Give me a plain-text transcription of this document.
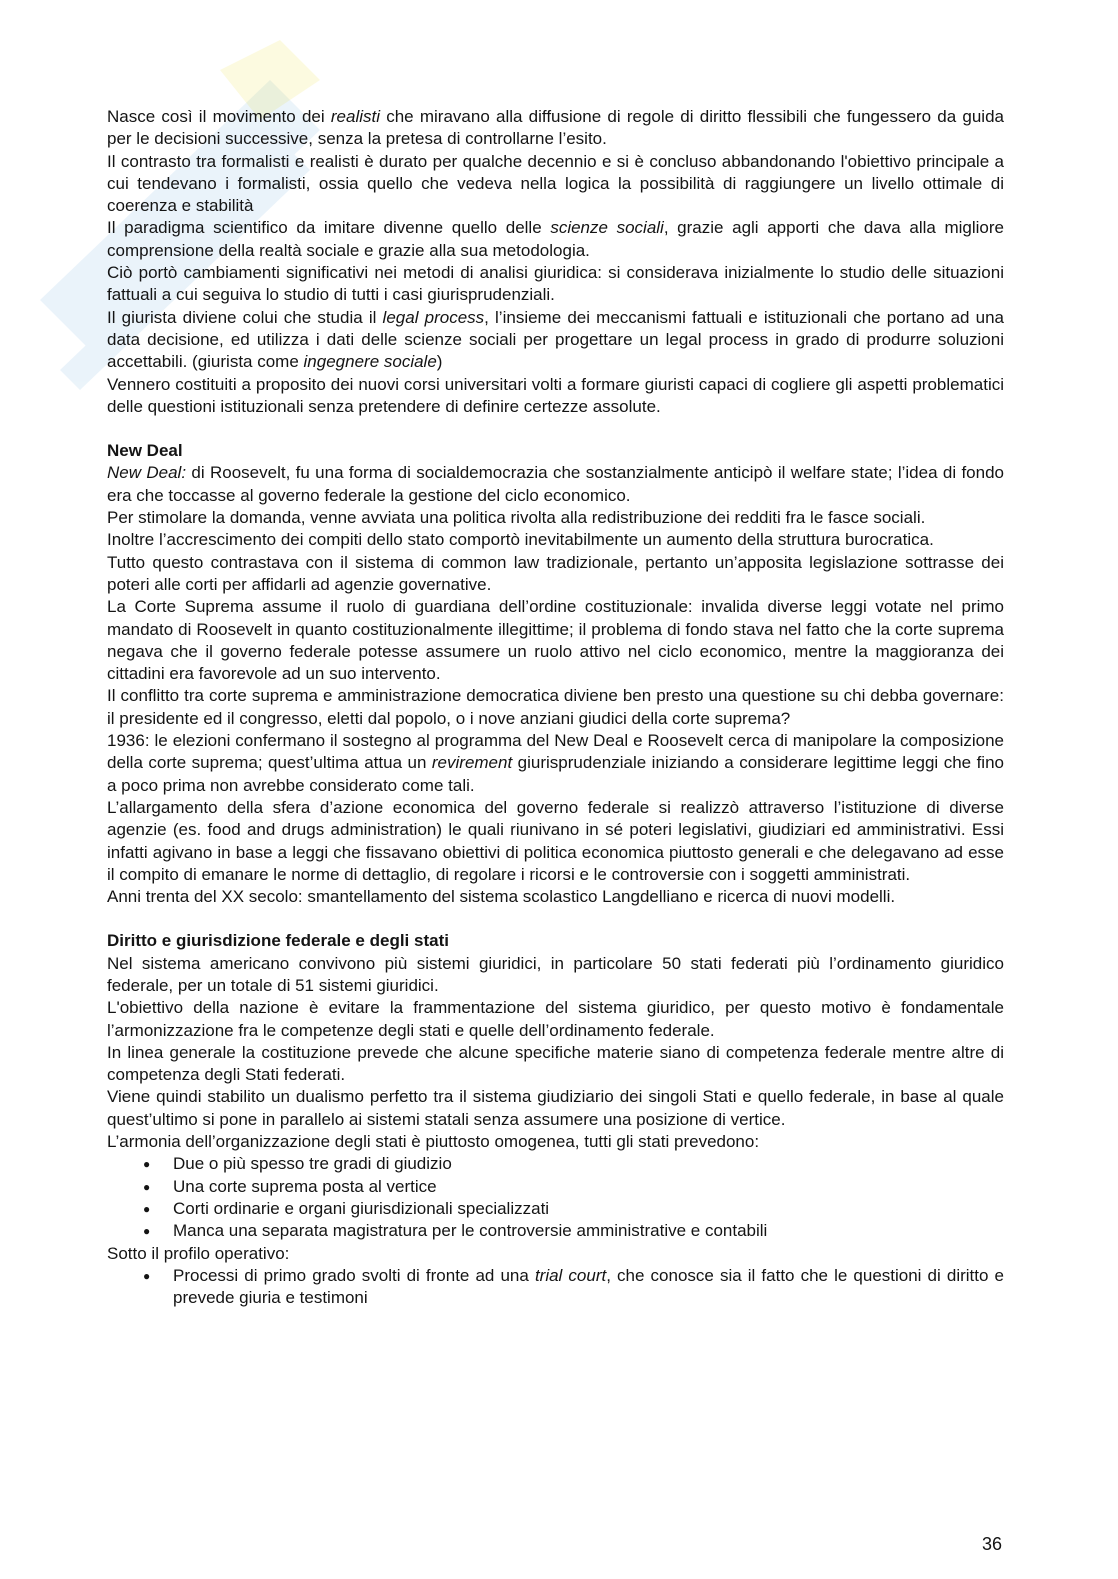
Nasce così il movimento dei realisti che miravano alla diffusione di regole di diritto flessibili che fungessero da guida per le decisioni successive, senza la pretesa di controllarne l’esito.

Il contrasto tra formalisti e realisti è durato per qualche decennio e si è concluso abbandonando l'obiettivo principale a cui tendevano i formalisti, ossia quello che vedeva nella logica la possibilità di raggiungere un livello ottimale di coerenza e stabilità

Il paradigma scientifico da imitare divenne quello delle scienze sociali, grazie agli apporti che dava alla migliore comprensione della realtà sociale e grazie alla sua metodologia.

Ciò portò cambiamenti significativi nei metodi di analisi giuridica: si considerava inizialmente lo studio delle situazioni fattuali a cui seguiva lo studio di tutti i casi giurisprudenziali.

Il giurista diviene colui che studia il legal process, l’insieme dei meccanismi fattuali e istituzionali che portano ad una data decisione, ed utilizza i dati delle scienze sociali per progettare un legal process in grado di produrre soluzioni accettabili. (giurista come ingegnere sociale)

Vennero costituiti a proposito dei nuovi corsi universitari volti a formare giuristi capaci di cogliere gli aspetti problematici delle questioni istituzionali senza pretendere di definire certezze assolute.

New Deal

New Deal: di Roosevelt, fu una forma di socialdemocrazia che sostanzialmente anticipò il welfare state; l’idea di fondo era che toccasse al governo federale la gestione del ciclo economico.

Per stimolare la domanda, venne avviata una politica rivolta alla redistribuzione dei redditi fra le fasce sociali.

Inoltre l’accrescimento dei compiti dello stato comportò inevitabilmente un aumento della struttura burocratica.

Tutto questo contrastava con il sistema di common law tradizionale, pertanto un’apposita legislazione sottrasse dei poteri alle corti per affidarli ad agenzie governative.

La Corte Suprema assume il ruolo di guardiana dell’ordine costituzionale: invalida diverse leggi votate nel primo mandato di Roosevelt in quanto costituzionalmente illegittime; il problema di fondo stava nel fatto che la corte suprema negava che il governo federale potesse assumere un ruolo attivo nel ciclo economico, mentre la maggioranza dei cittadini era favorevole ad un suo intervento.

Il conflitto tra corte suprema e amministrazione democratica diviene ben presto una questione su chi debba governare: il presidente ed il congresso, eletti dal popolo, o i nove anziani giudici della corte suprema?

1936: le elezioni confermano il sostegno al programma del New Deal e Roosevelt cerca di manipolare la composizione della corte suprema; quest’ultima attua un revirement giurisprudenziale iniziando a considerare legittime leggi che fino a poco prima non avrebbe considerato come tali.

L’allargamento della sfera d’azione economica del governo federale si realizzò attraverso l’istituzione di diverse agenzie (es. food and drugs administration) le quali riunivano in sé poteri legislativi, giudiziari ed amministrativi. Essi infatti agivano in base a leggi che fissavano obiettivi di politica economica piuttosto generali e che delegavano ad esse il compito di emanare le norme di dettaglio, di regolare i ricorsi e le controversie con i soggetti amministrati.

Anni trenta del XX secolo: smantellamento del sistema scolastico Langdelliano e ricerca di nuovi modelli.

Diritto e giurisdizione federale e degli stati

Nel sistema americano convivono più sistemi giuridici, in particolare 50 stati federati più l’ordinamento giuridico federale, per un totale di 51 sistemi giuridici.

L'obiettivo della nazione è evitare la frammentazione del sistema giuridico, per questo motivo è fondamentale l’armonizzazione fra le competenze degli stati e quelle dell’ordinamento federale.

In linea generale la costituzione prevede che alcune specifiche materie siano di competenza federale mentre altre di competenza degli Stati federati.

Viene quindi stabilito un dualismo perfetto tra il sistema giudiziario dei singoli Stati e quello federale, in base al quale quest’ultimo si pone in parallelo ai sistemi statali senza assumere una posizione di vertice.

L’armonia dell’organizzazione degli stati è piuttosto omogenea, tutti gli stati prevedono:

● Due o più spesso tre gradi di giudizio
● Una corte suprema posta al vertice
● Corti ordinarie e organi giurisdizionali specializzati
● Manca una separata magistratura per le controversie amministrative e contabili

Sotto il profilo operativo:

● Processi di primo grado svolti di fronte ad una trial court, che conosce sia il fatto che le questioni di diritto e prevede giuria e testimoni
36
